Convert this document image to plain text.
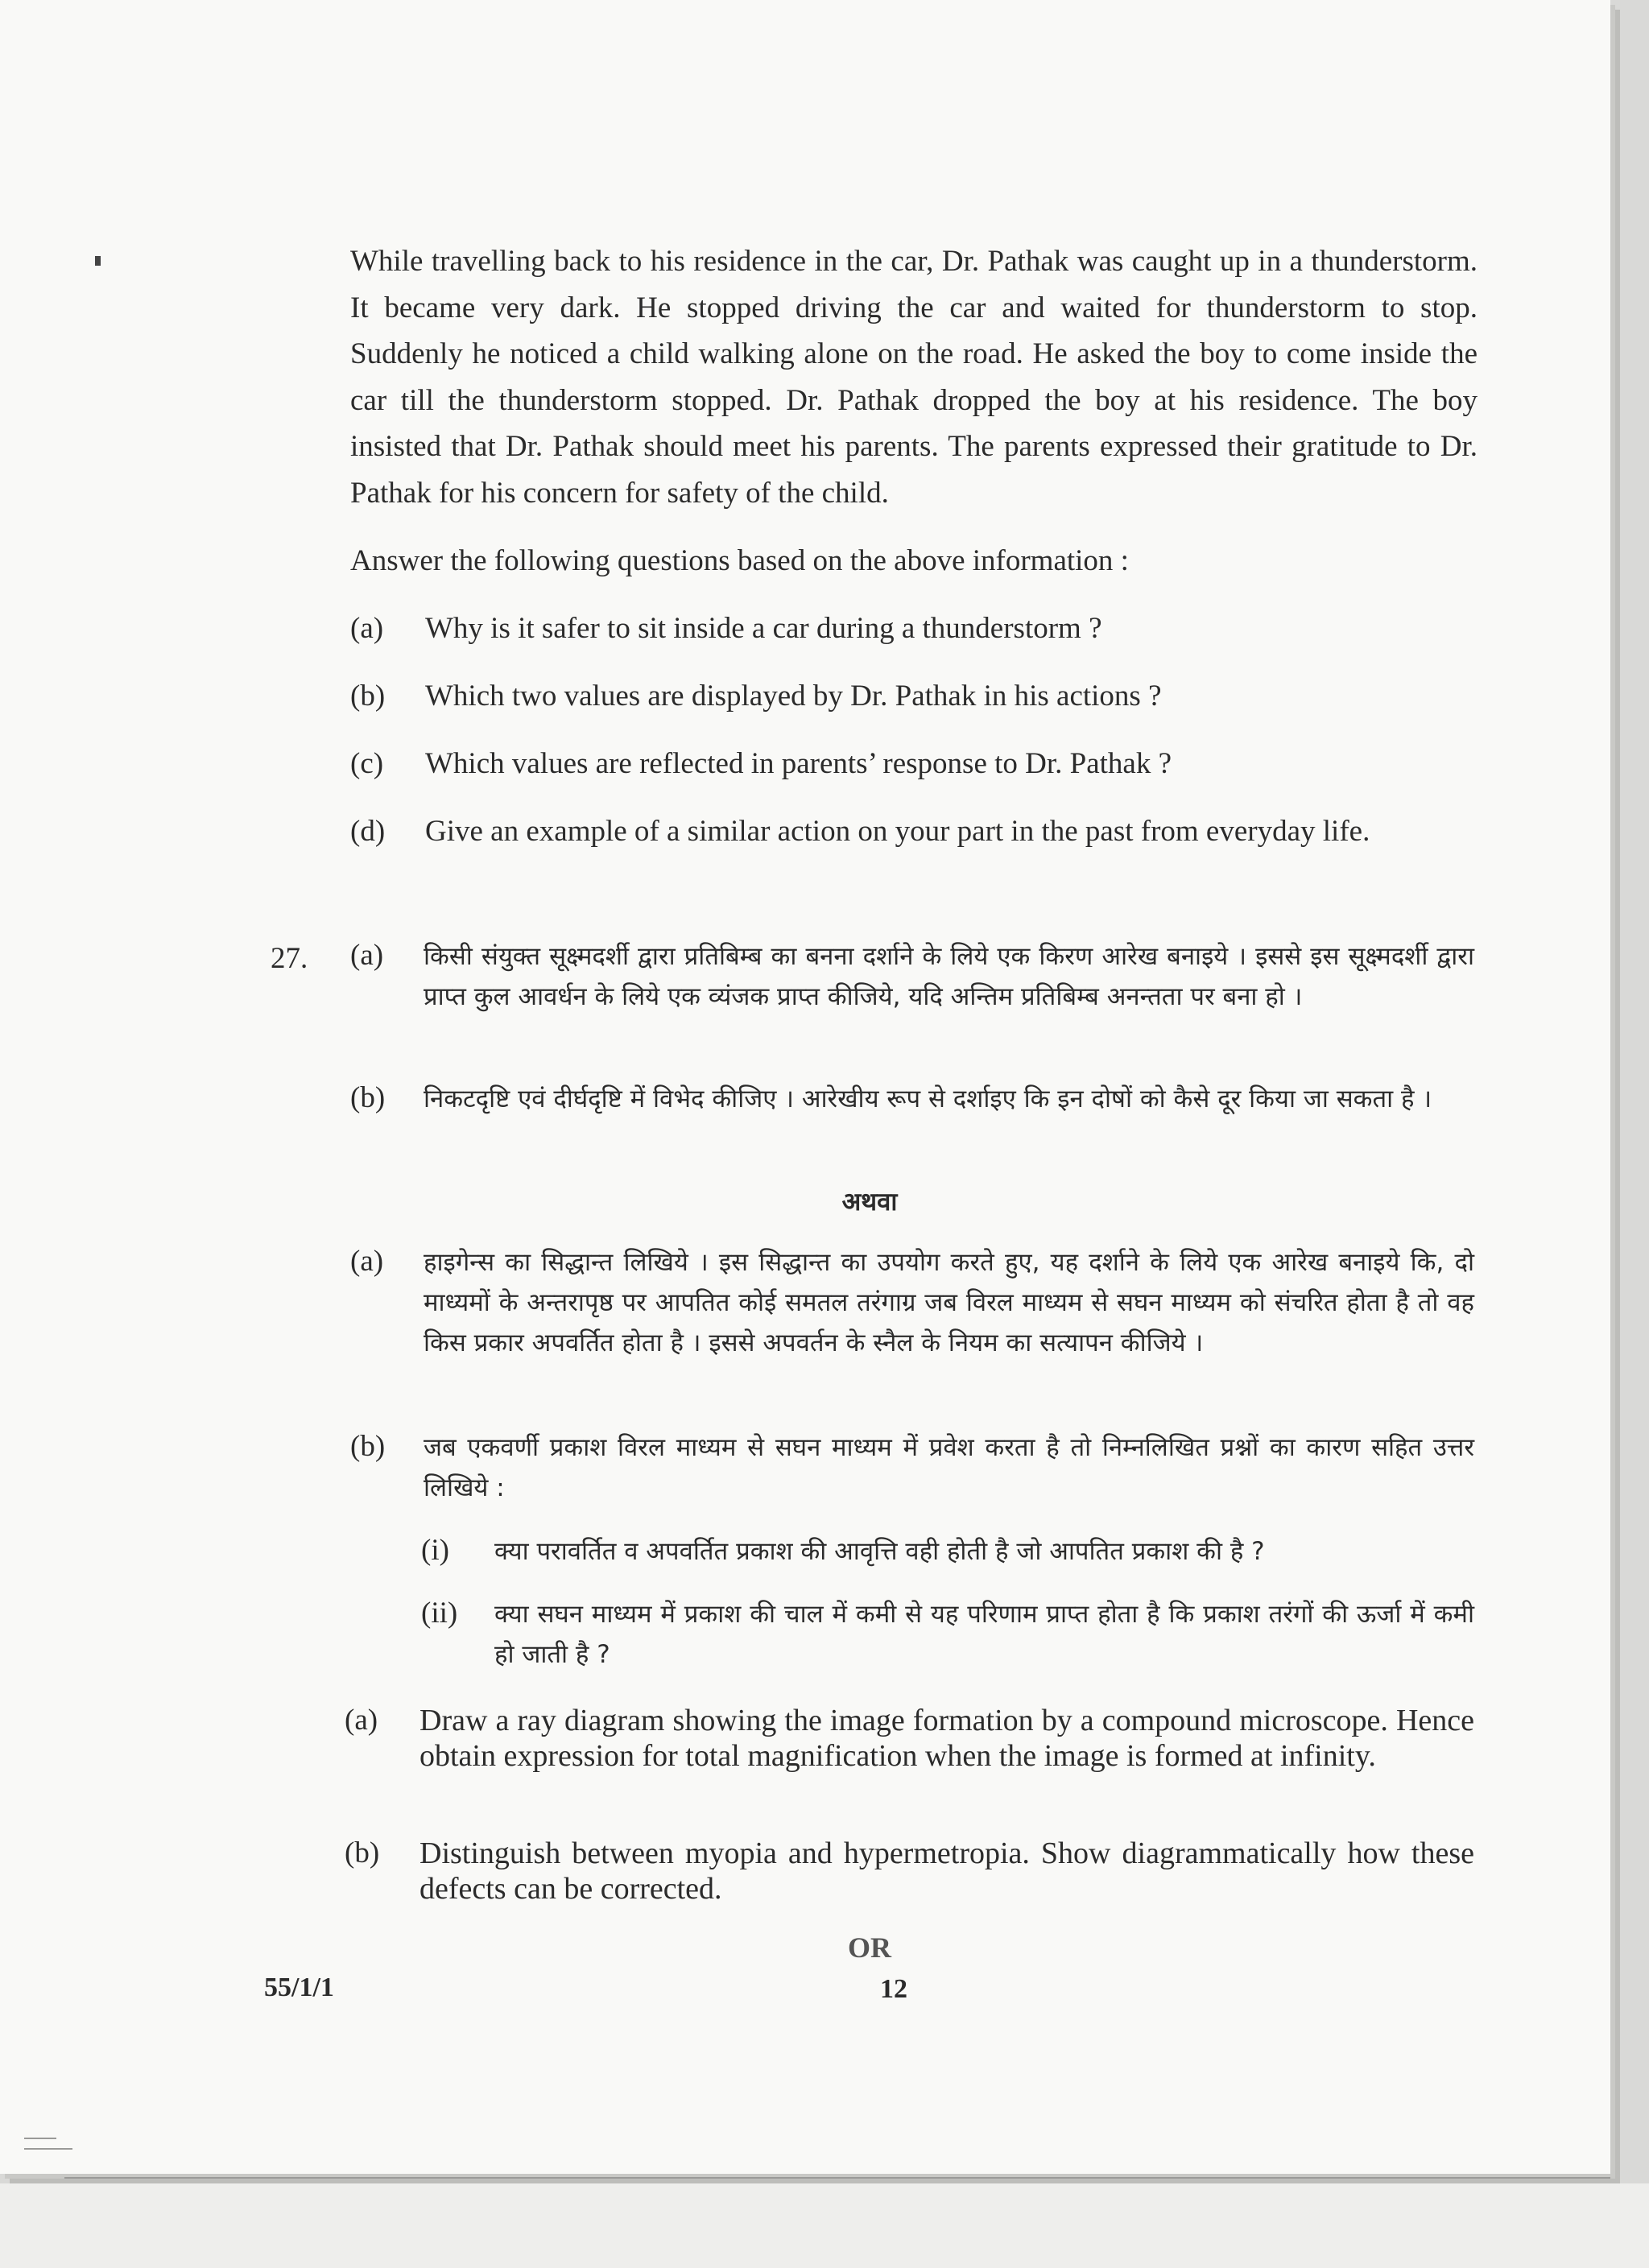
While travelling back to his residence in the car, Dr. Pathak was caught up in a thunderstorm. It became very dark. He stopped driving the car and waited for thunderstorm to stop. Suddenly he noticed a child walking alone on the road. He asked the boy to come inside the car till the thunderstorm stopped. Dr. Pathak dropped the boy at his residence. The boy insisted that Dr. Pathak should meet his parents. The parents expressed their gratitude to Dr. Pathak for his concern for safety of the child.
Answer the following questions based on the above information :
(a) Why is it safer to sit inside a car during a thunderstorm ?
(b) Which two values are displayed by Dr. Pathak in his actions ?
(c) Which values are reflected in parents’ response to Dr. Pathak ?
(d) Give an example of a similar action on your part in the past from everyday life.
27. (a) किसी संयुक्त सूक्ष्मदर्शी द्वारा प्रतिबिम्ब का बनना दर्शाने के लिये एक किरण आरेख बनाइये । इससे इस सूक्ष्मदर्शी द्वारा प्राप्त कुल आवर्धन के लिये एक व्यंजक प्राप्त कीजिये, यदि अन्तिम प्रतिबिम्ब अनन्तता पर बना हो ।
(b) निकटदृष्टि एवं दीर्घदृष्टि में विभेद कीजिए । आरेखीय रूप से दर्शाइए कि इन दोषों को कैसे दूर किया जा सकता है ।
अथवा
(a) हाइगेन्स का सिद्धान्त लिखिये । इस सिद्धान्त का उपयोग करते हुए, यह दर्शाने के लिये एक आरेख बनाइये कि, दो माध्यमों के अन्तरापृष्ठ पर आपतित कोई समतल तरंगाग्र जब विरल माध्यम से सघन माध्यम को संचरित होता है तो वह किस प्रकार अपवर्तित होता है । इससे अपवर्तन के स्नैल के नियम का सत्यापन कीजिये ।
(b) जब एकवर्णी प्रकाश विरल माध्यम से सघन माध्यम में प्रवेश करता है तो निम्नलिखित प्रश्नों का कारण सहित उत्तर लिखिये :
(i) क्या परावर्तित व अपवर्तित प्रकाश की आवृत्ति वही होती है जो आपतित प्रकाश की है ?
(ii) क्या सघन माध्यम में प्रकाश की चाल में कमी से यह परिणाम प्राप्त होता है कि प्रकाश तरंगों की ऊर्जा में कमी हो जाती है ?
(a) Draw a ray diagram showing the image formation by a compound microscope. Hence obtain expression for total magnification when the image is formed at infinity.
(b) Distinguish between myopia and hypermetropia. Show diagrammatically how these defects can be corrected.
OR
55/1/1	12
